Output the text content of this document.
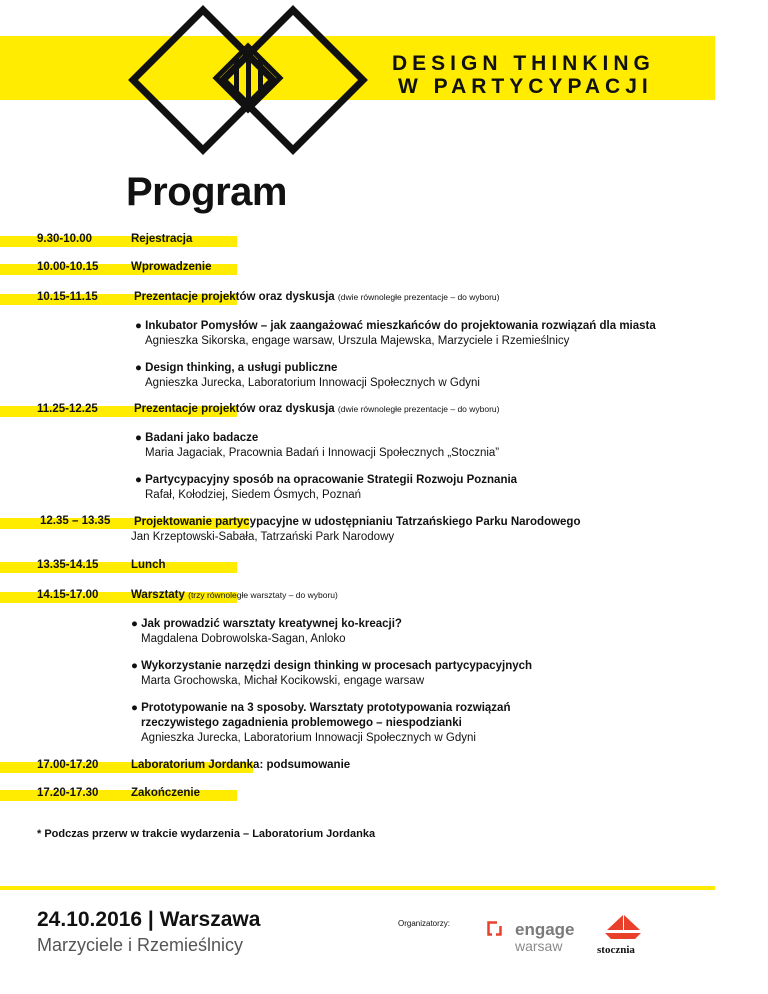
DESIGN THINKING
W PARTYCYPACJI
Program
9.30-10.00	Rejestracja
10.00-10.15	Wprowadzenie
10.15-11.15	Prezentacje projektów oraz dyskusja (dwie równoległe prezentacje – do wyboru)
● Inkubator Pomysłów – jak zaangażować mieszkańców do projektowania rozwiązań dla miasta
Agnieszka Sikorska, engage warsaw, Urszula Majewska, Marzyciele i Rzemieślnicy
● Design thinking, a usługi publiczne
Agnieszka Jurecka, Laboratorium Innowacji Społecznych w Gdyni
11.25-12.25	Prezentacje projektów oraz dyskusja (dwie równoległe prezentacje – do wyboru)
● Badani jako badacze
Maria Jagaciak, Pracownia Badań i Innowacji Społecznych „Stocznia”
● Partycypacyjny sposób na opracowanie Strategii Rozwoju Poznania
Rafał, Kołodziej, Siedem Ósmych, Poznań
12.35 – 13.35 Projektowanie partycypacyjne w udostępnianiu Tatrzańskiego Parku Narodowego
Jan Krzeptowski-Sabała, Tatrzański Park Narodowy
13.35-14.15	Lunch
14.15-17.00	Warsztaty (trzy równoległe warsztaty – do wyboru)
● Jak prowadzić warsztaty kreatywnej ko-kreacji?
Magdalena Dobrowolska-Sagan, Anloko
● Wykorzystanie narzędzi design thinking w procesach partycypacyjnych
Marta Grochowska, Michał Kocikowski, engage warsaw
● Prototypowanie na 3 sposoby. Warsztaty prototypowania rozwiązań
rzeczywistego zagadnienia problemowego – niespodzianki
Agnieszka Jurecka, Laboratorium Innowacji Społecznych w Gdyni
17.00-17.20	Laboratorium Jordanka: podsumowanie
17.20-17.30	Zakończenie
* Podczas przerw w trakcie wydarzenia – Laboratorium Jordanka
24.10.2016 | Warszawa
Marzyciele i Rzemieślnicy
Organizatorzy:	engage
warsaw	stocznia
